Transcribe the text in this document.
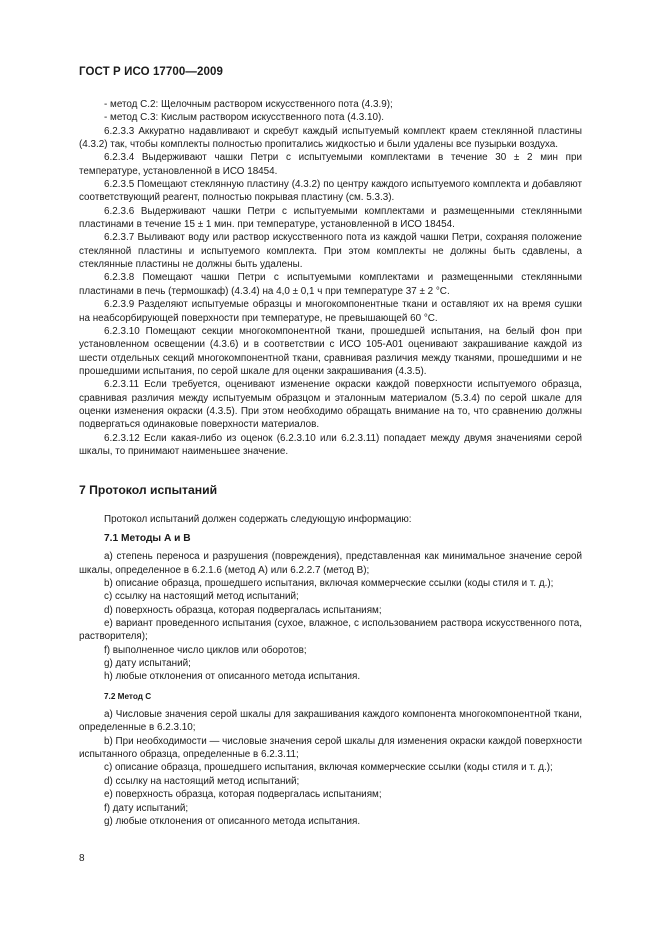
ГОСТ Р ИСО 17700—2009

- метод C.2: Щелочным раствором искусственного пота (4.3.9);

- метод C.3: Кислым раствором искусственного пота (4.3.10).

6.2.3.3 Аккуратно надавливают и скребут каждый испытуемый комплект краем стеклянной пластины (4.3.2) так, чтобы комплекты полностью пропитались жидкостью и были удалены все пузырьки воздуха.

6.2.3.4 Выдерживают чашки Петри с испытуемыми комплектами в течение 30 ± 2 мин при температуре, установленной в ИСО 18454.

6.2.3.5 Помещают стеклянную пластину (4.3.2) по центру каждого испытуемого комплекта и добавляют соответствующий реагент, полностью покрывая пластину (см. 5.3.3).

6.2.3.6 Выдерживают чашки Петри с испытуемыми комплектами и размещенными стеклянными пластинами в течение 15 ± 1 мин. при температуре, установленной в ИСО 18454.

6.2.3.7 Выливают воду или раствор искусственного пота из каждой чашки Петри, сохраняя положение стеклянной пластины и испытуемого комплекта. При этом комплекты не должны быть сдавлены, а стеклянные пластины не должны быть удалены.

6.2.3.8 Помещают чашки Петри с испытуемыми комплектами и размещенными стеклянными пластинами в печь (термошкаф) (4.3.4) на 4,0 ± 0,1 ч при температуре 37 ± 2 °С.

6.2.3.9 Разделяют испытуемые образцы и многокомпонентные ткани и оставляют их на время сушки на неабсорбирующей поверхности при температуре, не превышающей 60 °С.

6.2.3.10 Помещают секции многокомпонентной ткани, прошедшей испытания, на белый фон при установленном освещении (4.3.6) и в соответствии с ИСО 105-А01 оценивают закрашивание каждой из шести отдельных секций многокомпонентной ткани, сравнивая различия между тканями, прошедшими и не прошедшими испытания, по серой шкале для оценки закрашивания (4.3.5).

6.2.3.11 Если требуется, оценивают изменение окраски каждой поверхности испытуемого образца, сравнивая различия между испытуемым образцом и эталонным материалом (5.3.4) по серой шкале для оценки изменения окраски (4.3.5). При этом необходимо обращать внимание на то, что сравнению должны подвергаться одинаковые поверхности материалов.

6.2.3.12 Если какая-либо из оценок (6.2.3.10 или 6.2.3.11) попадает между двумя значениями серой шкалы, то принимают наименьшее значение.

7 Протокол испытаний

Протокол испытаний должен содержать следующую информацию:

7.1 Методы А и В

a) степень переноса и разрушения (повреждения), представленная как минимальное значение серой шкалы, определенное в 6.2.1.6 (метод А) или 6.2.2.7 (метод В);

b) описание образца, прошедшего испытания, включая коммерческие ссылки (коды стиля и т. д.);

c) ссылку на настоящий метод испытаний;

d) поверхность образца, которая подвергалась испытаниям;

e) вариант проведенного испытания (сухое, влажное, с использованием раствора искусственного пота, растворителя);

f) выполненное число циклов или оборотов;

g) дату испытаний;

h) любые отклонения от описанного метода испытания.

7.2 Метод С

a) Числовые значения серой шкалы для закрашивания каждого компонента многокомпонентной ткани, определенные в 6.2.3.10;

b) При необходимости — числовые значения серой шкалы для изменения окраски каждой поверхности испытанного образца, определенные в 6.2.3.11;

c) описание образца, прошедшего испытания, включая коммерческие ссылки (коды стиля и т. д.);

d) ссылку на настоящий метод испытаний;

e) поверхность образца, которая подвергалась испытаниям;

f) дату испытаний;

g) любые отклонения от описанного метода испытания.

8
